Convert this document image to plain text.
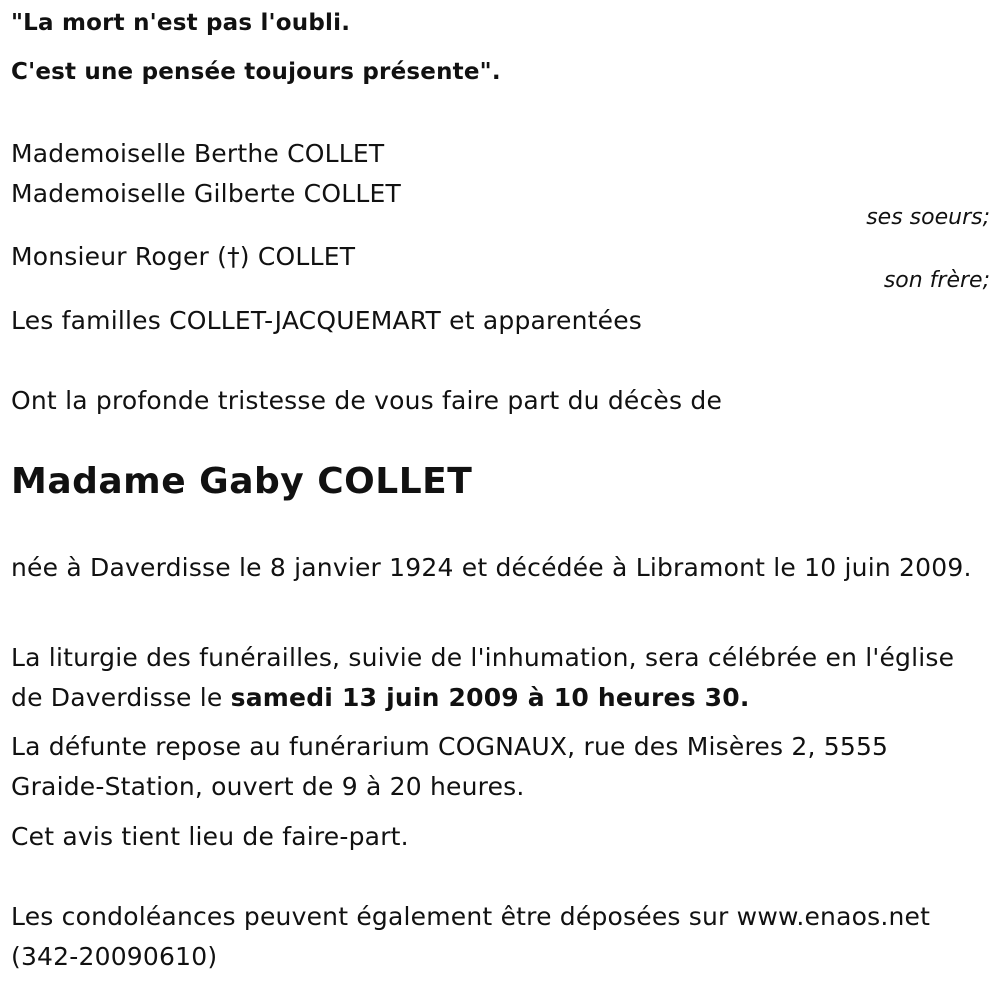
"La mort n'est pas l'oubli.
C'est une pensée toujours présente".
Mademoiselle Berthe COLLET
Mademoiselle Gilberte COLLET
ses soeurs;
Monsieur Roger (†) COLLET
son frère;
Les familles COLLET-JACQUEMART et apparentées
Ont la profonde tristesse de vous faire part du décès de
Madame Gaby COLLET
née à Daverdisse le 8 janvier 1924 et décédée à Libramont le 10 juin 2009.
La liturgie des funérailles, suivie de l'inhumation, sera célébrée en l'église de Daverdisse le samedi 13 juin 2009 à 10 heures 30.
La défunte repose au funérarium COGNAUX, rue des Misères 2, 5555 Graide-Station, ouvert de 9 à 20 heures.
Cet avis tient lieu de faire-part.
Les condoléances peuvent également être déposées sur www.enaos.net (342-20090610)
